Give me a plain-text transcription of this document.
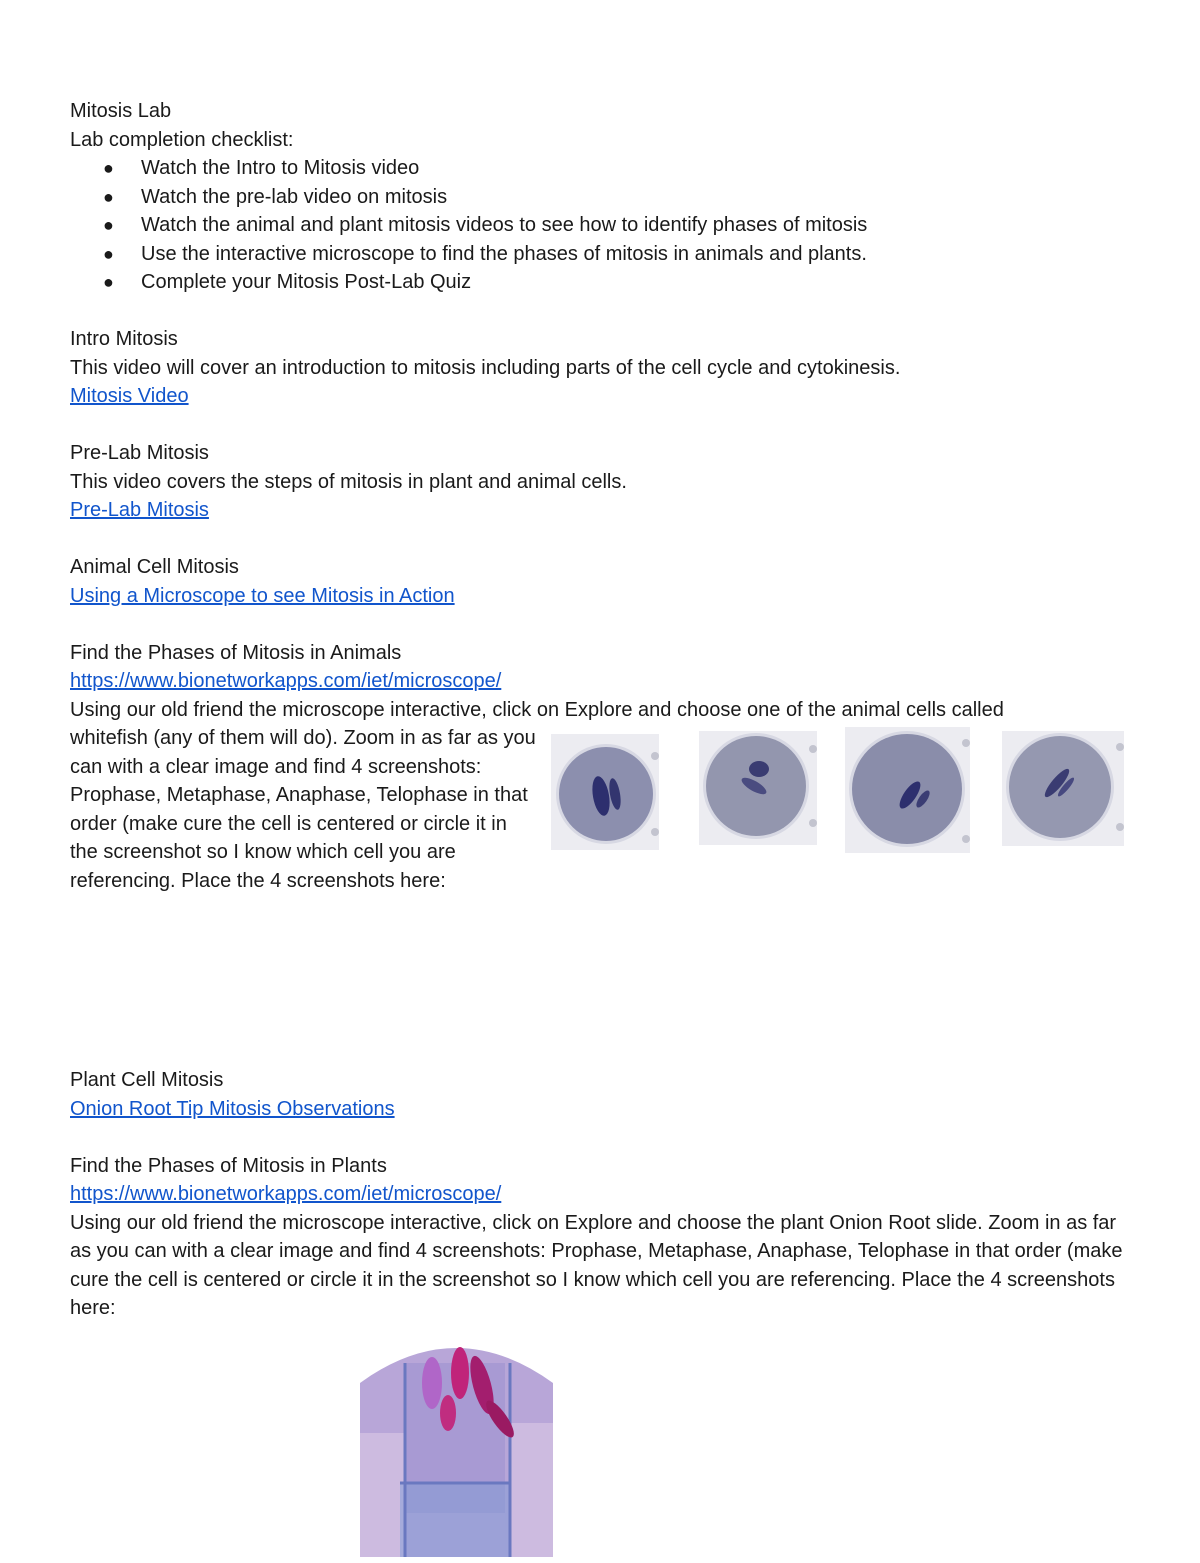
Mitosis Lab
Lab completion checklist:
● Watch the Intro to Mitosis video
● Watch the pre-lab video on mitosis
● Watch the animal and plant mitosis videos to see how to identify phases of mitosis
● Use the interactive microscope to find the phases of mitosis in animals and plants.
● Complete your Mitosis Post-Lab Quiz
Intro Mitosis
This video will cover an introduction to mitosis including parts of the cell cycle and cytokinesis.
Mitosis Video
Pre-Lab Mitosis
This video covers the steps of mitosis in plant and animal cells.
Pre-Lab Mitosis
Animal Cell Mitosis
Using a Microscope to see Mitosis in Action
Find the Phases of Mitosis in Animals
https://www.bionetworkapps.com/iet/microscope/
Using our old friend the microscope interactive, click on Explore and choose one of the animal cells called
whitefish (any of them will do). Zoom in as far as you can with a clear image and find 4 screenshots: Prophase, Metaphase, Anaphase, Telophase in that order (make cure the cell is centered or circle it in the screenshot so I know which cell you are referencing. Place the 4 screenshots here:
Plant Cell Mitosis
Onion Root Tip Mitosis Observations
Find the Phases of Mitosis in Plants
https://www.bionetworkapps.com/iet/microscope/
Using our old friend the microscope interactive, click on Explore and choose the plant Onion Root slide. Zoom in as far as you can with a clear image and find 4 screenshots: Prophase, Metaphase, Anaphase, Telophase in that order (make cure the cell is centered or circle it in the screenshot so I know which cell you are referencing. Place the 4 screenshots here:
